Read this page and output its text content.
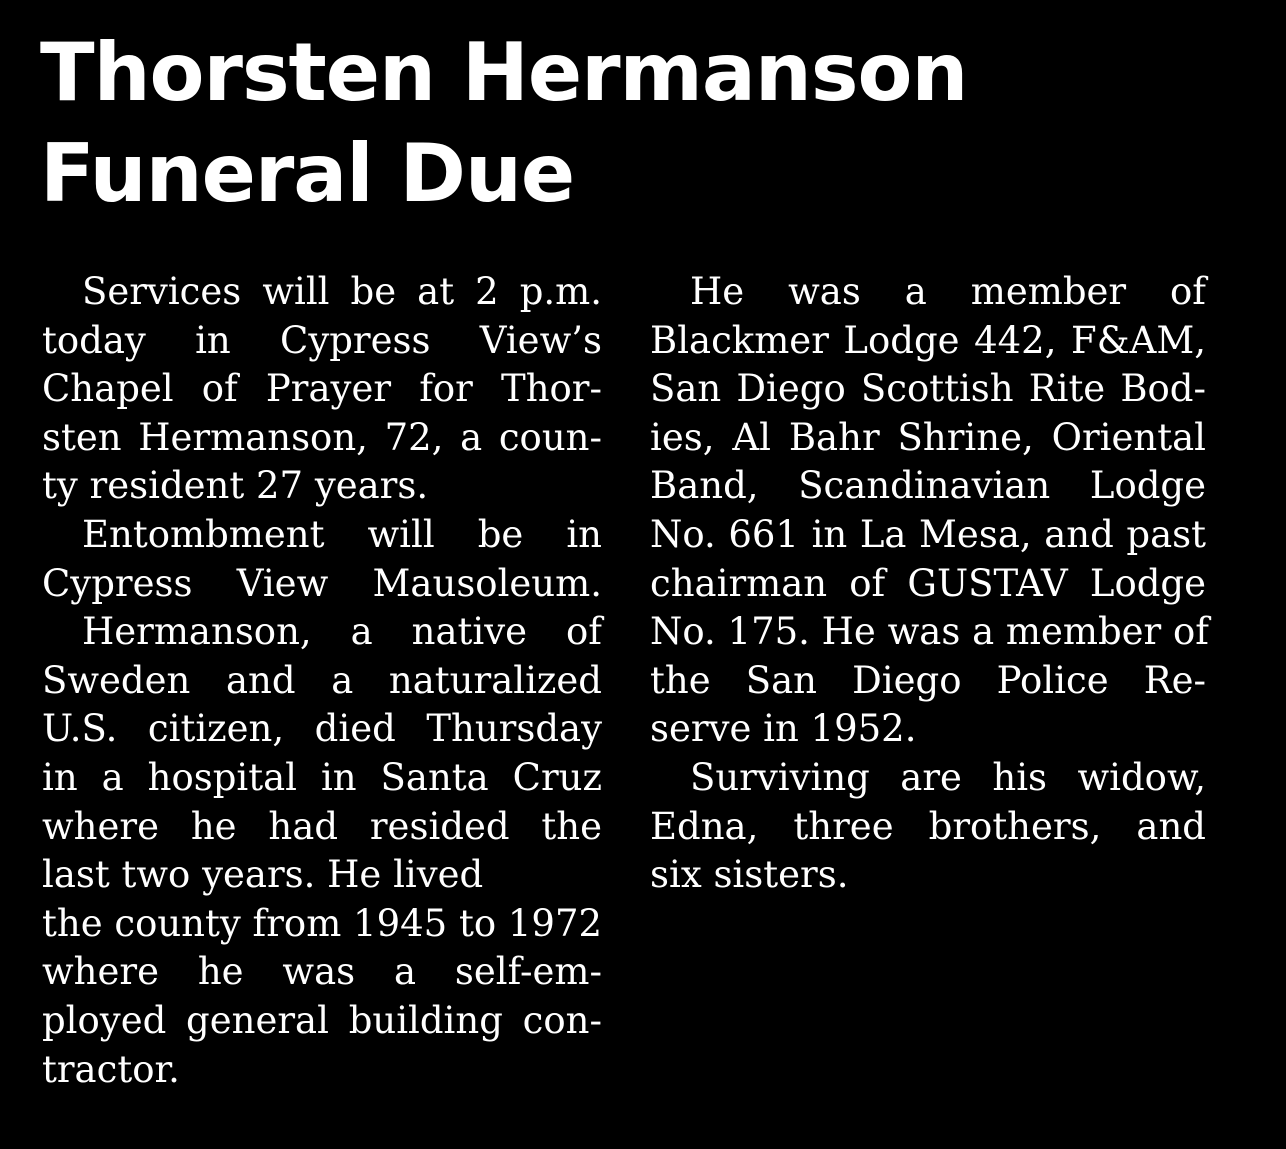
Thorsten Hermanson
Funeral Due
Services will be at 2 p.m.
today in Cypress View’s
Chapel of Prayer for Thor-
sten Hermanson, 72, a coun-
ty resident 27 years.
Entombment will be in
Cypress View Mausoleum.
Hermanson, a native of
Sweden and a naturalized
U.S. citizen, died Thursday
in a hospital in Santa Cruz
where he had resided the
last two years. He lived
the county from 1945 to 1972
where he was a self-em-
ployed general building con-
tractor.
He was a member of
Blackmer Lodge 442, F&AM,
San Diego Scottish Rite Bod-
ies, Al Bahr Shrine, Oriental
Band, Scandinavian Lodge
No. 661 in La Mesa, and past
chairman of GUSTAV Lodge
No. 175. He was a member of
the San Diego Police Re-
serve in 1952.
Surviving are his widow,
Edna, three brothers, and
six sisters.
